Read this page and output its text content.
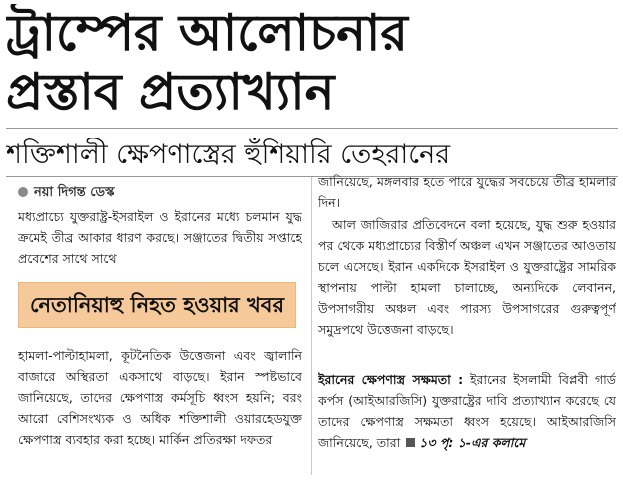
ট্রাম্পের আলোচনার
প্রস্তাব প্রত্যাখ্যান
শক্তিশালী ক্ষেপণাস্ত্রের হুঁশিয়ারি তেহরানের
নয়া দিগন্ত ডেস্ক
মধ্যপ্রাচ্যে যুক্তরাষ্ট্র-ইসরাইল ও ইরানের মধ্যে চলমান যুদ্ধ ক্রমেই তীব্র আকার ধারণ করছে। সঞ্জাতের দ্বিতীয় সপ্তাহে প্রবেশের সাথে সাথে
নেতানিয়াহু নিহত হওয়ার খবর
হামলা-পাল্টাহামলা, কূটনৈতিক উত্তেজনা এবং জ্বালানি বাজারে অস্থিরতা একসাথে বাড়ছে। ইরান স্পষ্টভাবে জানিয়েছে, তাদের ক্ষেপণাস্ত্র কর্মসূচি ধ্বংস হয়নি; বরং আরো বেশিসংখ্যক ও অধিক শক্তিশালী ওয়ারহেডযুক্ত ক্ষেপণাস্ত্র ব্যবহার করা হচ্ছে। মার্কিন প্রতিরক্ষা দফতর
জানিয়েছে, মঙ্গলবার হতে পারে যুদ্ধের সবচেয়ে তীব্র হামলার দিন।
আল জাজিরার প্রতিবেদনে বলা হয়েছে, যুদ্ধ শুরু হওয়ার পর থেকে মধ্যপ্রাচ্যের বিস্তীর্ণ অঞ্চল এখন সঞ্জাতের আওতায় চলে এসেছে। ইরান একদিকে ইসরাইল ও যুক্তরাষ্ট্রের সামরিক স্থাপনায় পাল্টা হামলা চালাচ্ছে, অন্যদিকে লেবানন, উপসাগরীয় অঞ্চল এবং পারস্য উপসাগরের গুরুত্বপূর্ণ সমুদ্রপথে উত্তেজনা বাড়ছে।
ইরানের ক্ষেপণাস্ত্র সক্ষমতা : ইরানের ইসলামী বিপ্লবী গার্ড কর্পস (আইআরজিসি) যুক্তরাষ্ট্রের দাবি প্রত্যাখ্যান করেছে যে তাদের ক্ষেপণাস্ত্র সক্ষমতা ধ্বংস হয়েছে। আইআরজিসি জানিয়েছে, তারা ১৩ পৃ: ১-এর কলামে
